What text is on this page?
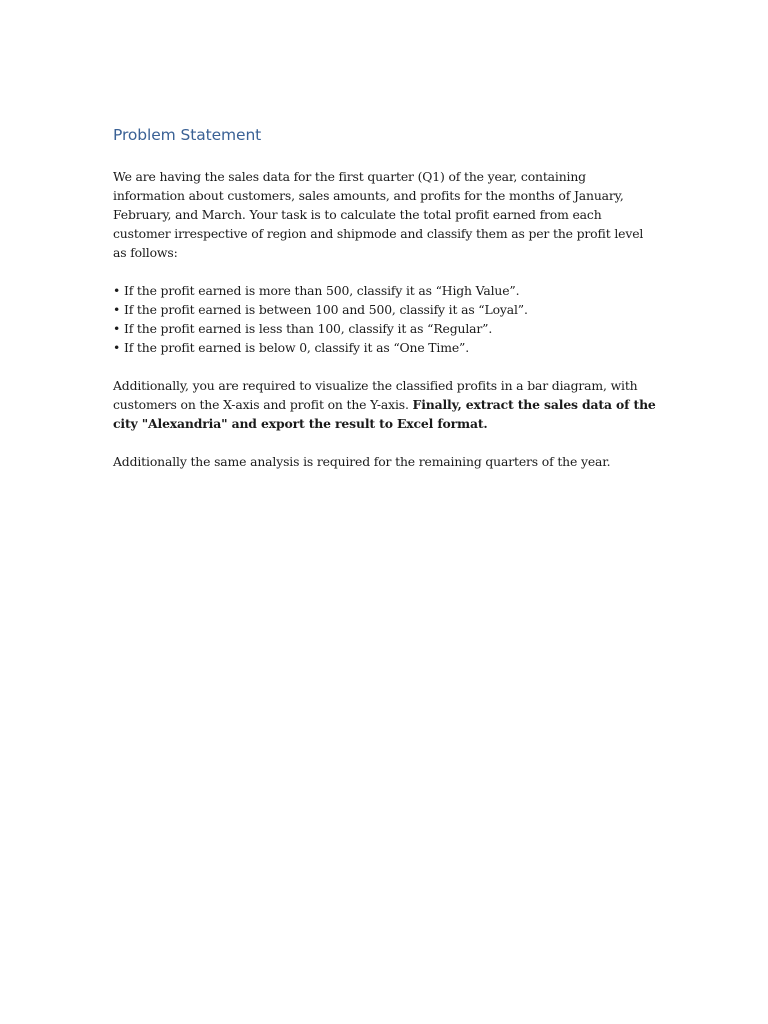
Problem Statement

We are having the sales data for the first quarter (Q1) of the year, containing information about customers, sales amounts, and profits for the months of January, February, and March. Your task is to calculate the total profit earned from each customer irrespective of region and shipmode and classify them as per the profit level as follows:

• If the profit earned is more than 500, classify it as “High Value”.
• If the profit earned is between 100 and 500, classify it as “Loyal”.
• If the profit earned is less than 100, classify it as “Regular”.
• If the profit earned is below 0, classify it as “One Time”.

Additionally, you are required to visualize the classified profits in a bar diagram, with customers on the X-axis and profit on the Y-axis. Finally, extract the sales data of the city "Alexandria" and export the result to Excel format.

Additionally the same analysis is required for the remaining quarters of the year.
